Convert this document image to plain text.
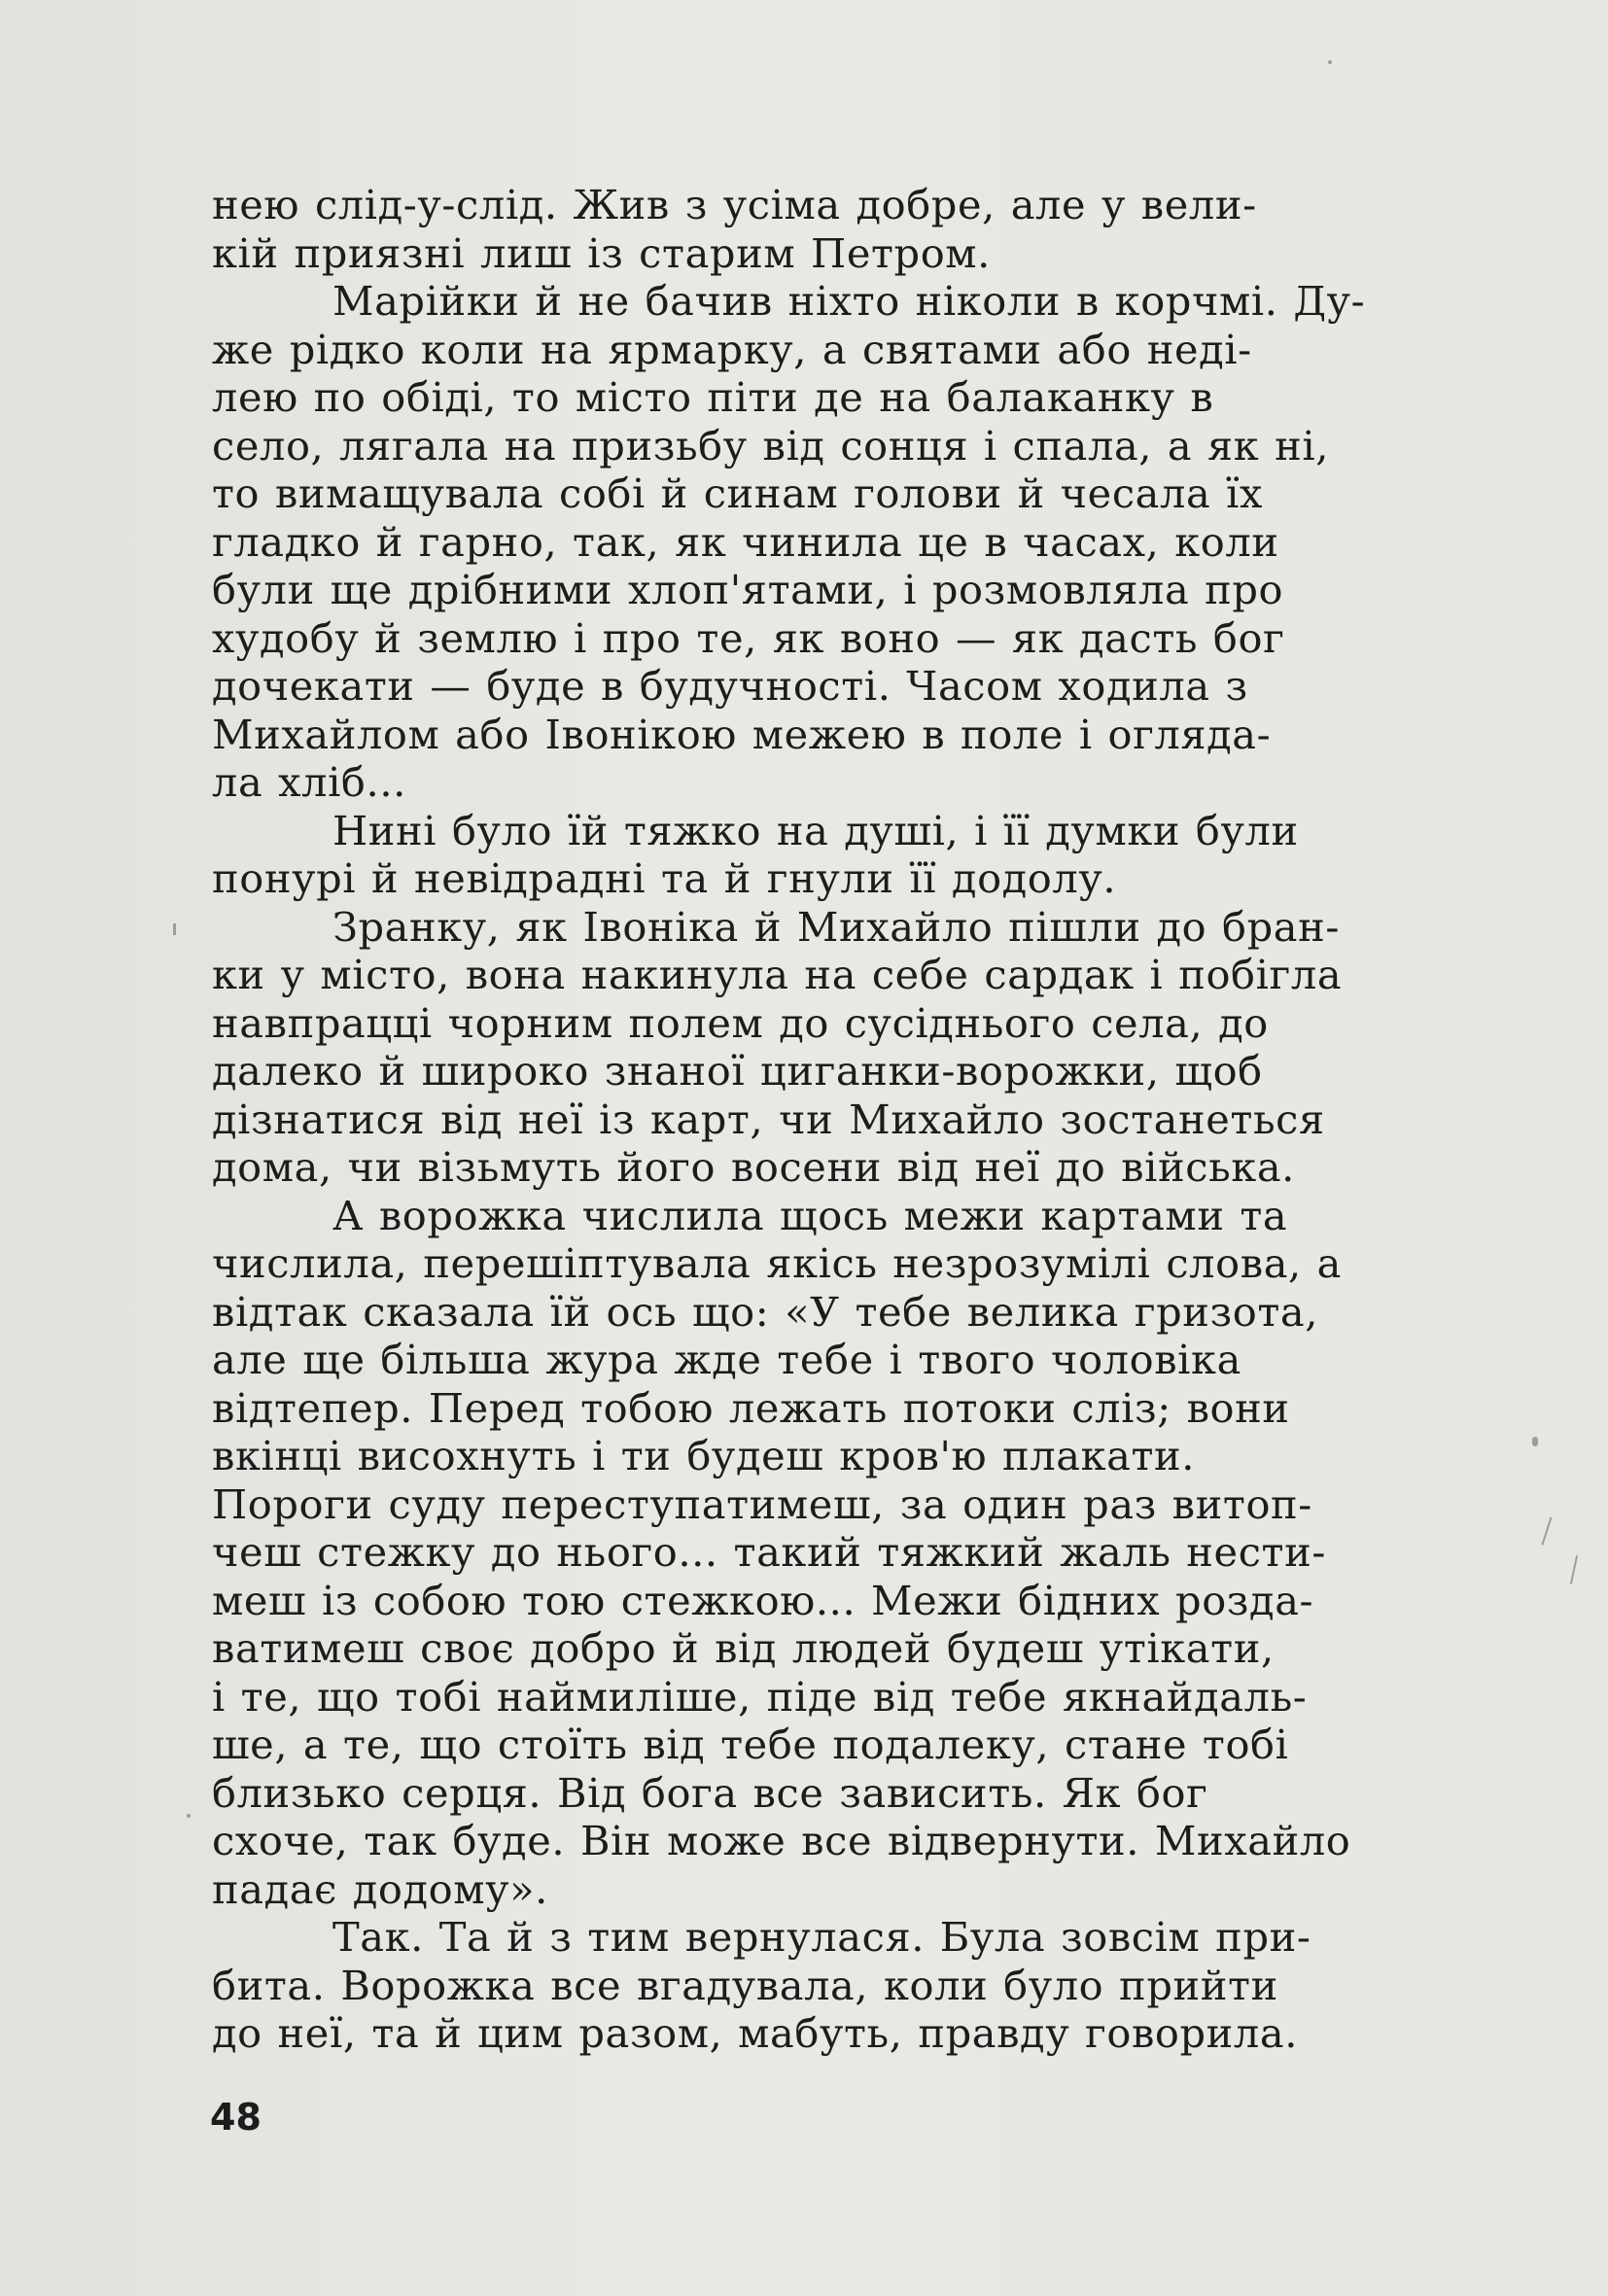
нею слід-у-слід. Жив з усіма добре, але у вели-
кій приязні лиш із старим Петром.
Марійки й не бачив ніхто ніколи в корчмі. Ду-
же рідко коли на ярмарку, а святами або неді-
лею по обіді, то місто піти де на балаканку в
село, лягала на призьбу від сонця і спала, а як ні,
то вимащувала собі й синам голови й чесала їх
гладко й гарно, так, як чинила це в часах, коли
були ще дрібними хлоп'ятами, і розмовляла про
худобу й землю і про те, як воно — як дасть бог
дочекати — буде в будучності. Часом ходила з
Михайлом або Івонікою межею в поле і огляда-
ла хліб...
Нині було їй тяжко на душі, і її думки були
понурі й невідрадні та й гнули її додолу.
Зранку, як Івоніка й Михайло пішли до бран-
ки у місто, вона накинула на себе сардак і побігла
навпрацці чорним полем до сусіднього села, до
далеко й широко знаної циганки-ворожки, щоб
дізнатися від неї із карт, чи Михайло зостанеться
дома, чи візьмуть його восени від неї до війська.
А ворожка числила щось межи картами та
числила, перешіптувала якісь незрозумілі слова, а
відтак сказала їй ось що: «У тебе велика гризота,
але ще більша жура жде тебе і твого чоловіка
відтепер. Перед тобою лежать потоки сліз; вони
вкінці висохнуть і ти будеш кров'ю плакати.
Пороги суду переступатимеш, за один раз витоп-
чеш стежку до нього... такий тяжкий жаль нести-
меш із собою тою стежкою... Межи бідних розда-
ватимеш своє добро й від людей будеш утікати,
і те, що тобі наймиліше, піде від тебе якнайдаль-
ше, а те, що стоїть від тебе подалеку, стане тобі
близько серця. Від бога все зависить. Як бог
схоче, так буде. Він може все відвернути. Михайло
падає додому».
Так. Та й з тим вернулася. Була зовсім при-
бита. Ворожка все вгадувала, коли було прийти
до неї, та й цим разом, мабуть, правду говорила.
48
